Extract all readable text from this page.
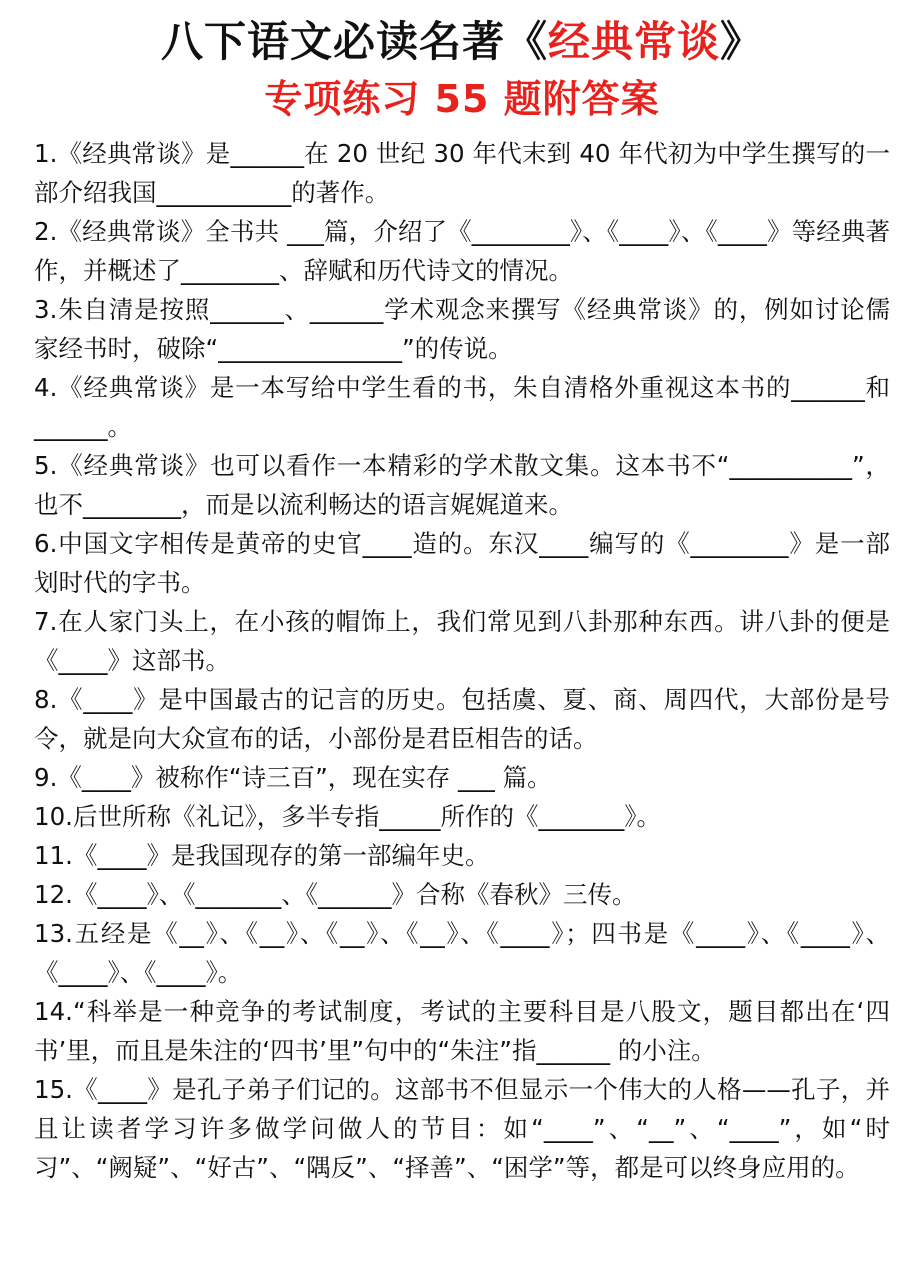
八下语文必读名著《经典常谈》
专项练习 55 题附答案

1.《经典常谈》是______在 20 世纪 30 年代末到 40 年代初为中学生撰写的一部介绍我国___________的著作。

2.《经典常谈》全书共 ___篇，介绍了《________》、《____》、《____》等经典著作，并概述了________、辞赋和历代诗文的情况。

3.朱自清是按照______、______学术观念来撰写《经典常谈》的，例如讨论儒家经书时，破除“_______________”的传说。

4.《经典常谈》是一本写给中学生看的书，朱自清格外重视这本书的______和______。

5.《经典常谈》也可以看作一本精彩的学术散文集。这本书不“__________”，也不________，而是以流利畅达的语言娓娓道来。

6.中国文字相传是黄帝的史官____造的。东汉____编写的《________》是一部划时代的字书。

7.在人家门头上，在小孩的帽饰上，我们常见到八卦那种东西。讲八卦的便是《____》这部书。

8.《____》是中国最古的记言的历史。包括虞、夏、商、周四代，大部份是号令，就是向大众宣布的话，小部份是君臣相告的话。

9.《____》被称作“诗三百”，现在实存 ___ 篇。

10.后世所称《礼记》，多半专指_____所作的《_______》。

11.《____》是我国现存的第一部编年史。

12.《____》、《_______、《______》合称《春秋》三传。

13.五经是《__》、《__》、《__》、《__》、《____》；四书是《____》、《____》、《____》、《____》。

14.“科举是一种竞争的考试制度，考试的主要科目是八股文，题目都出在‘四书’里，而且是朱注的‘四书’里”句中的“朱注”指______ 的小注。

15.《____》是孔子弟子们记的。这部书不但显示一个伟大的人格——孔子，并且让读者学习许多做学问做人的节目：如“____”、“__”、“____”，如“时习”、“阙疑”、“好古”、“隅反”、“择善”、“困学”等，都是可以终身应用的。
